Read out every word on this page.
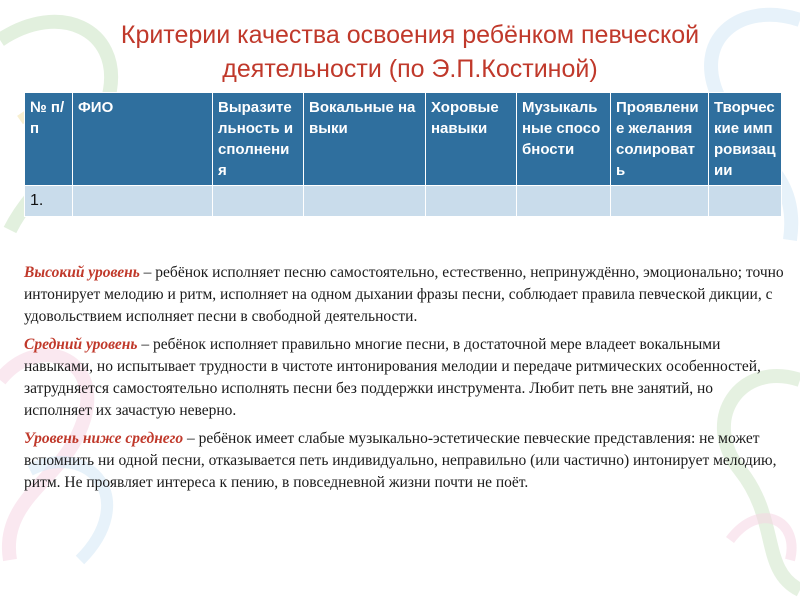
Критерии качества освоения ребёнком певческой деятельности (по Э.П.Костиной)
№ п/п	ФИО	Выразительность исполнения	Вокальные навыки	Хоровые навыки	Музыкальные способности	Проявление желания солировать	Творческие импровизации
1.							

Высокий уровень – ребёнок исполняет песню самостоятельно, естественно, непринуждённо, эмоционально; точно интонирует мелодию и ритм, исполняет на одном дыхании фразы песни, соблюдает правила певческой дикции, с удовольствием исполняет песни в свободной деятельности.

Средний уровень – ребёнок исполняет правильно многие песни, в достаточной мере владеет вокальными навыками, но испытывает трудности в чистоте интонирования мелодии и передаче ритмических особенностей, затрудняется самостоятельно исполнять песни без поддержки инструмента. Любит петь вне занятий, но исполняет их зачастую неверно.

Уровень ниже среднего – ребёнок имеет слабые музыкально-эстетические певческие представления: не может вспомнить ни одной песни, отказывается петь индивидуально, неправильно (или частично) интонирует мелодию, ритм. Не проявляет интереса к пению, в повседневной жизни почти не поёт.
